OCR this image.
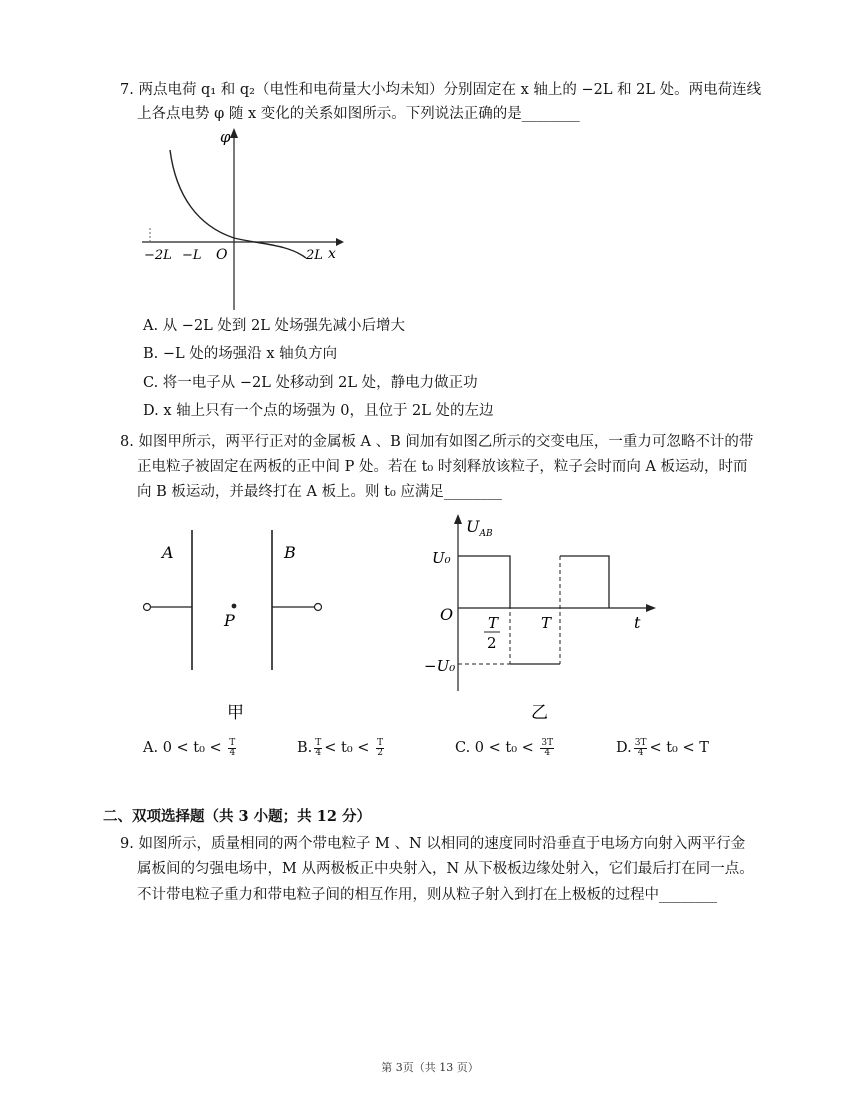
7. 两点电荷 q₁ 和 q₂（电性和电荷量大小均未知）分别固定在 x 轴上的 −2L 和 2L 处。两电荷连线
上各点电势 φ 随 x 变化的关系如图所示。下列说法正确的是________
φ
x
O
−2L −L	2L
A. 从 −2L 处到 2L 处场强先减小后增大
B. −L 处的场强沿 x 轴负方向
C. 将一电子从 −2L 处移动到 2L 处，静电力做正功
D. x 轴上只有一个点的场强为 0，且位于 2L 处的左边
8. 如图甲所示，两平行正对的金属板 A 、B 间加有如图乙所示的交变电压，一重力可忽略不计的带
正电粒子被固定在两板的正中间 P 处。若在 t₀ 时刻释放该粒子，粒子会时而向 A 板运动，时而
向 B 板运动，并最终打在 A 板上。则 t₀ 应满足________
A	B
P
甲
$U_{AB}$
U₀
−U₀
O T
2
T	t
乙
A. $0 < t_0 < \frac{T}{4}$	B. $\frac{T}{4} < t_0 < \frac{T}{2}$	C. $0 < t_0 < \frac{3T}{4}$	D. $\frac{3T}{4} < t_0 < T$
二、双项选择题（共 3 小题；共 12 分）
9. 如图所示，质量相同的两个带电粒子 M 、N 以相同的速度同时沿垂直于电场方向射入两平行金
属板间的匀强电场中，M 从两极板正中央射入，N 从下极板边缘处射入，它们最后打在同一点。
不计带电粒子重力和带电粒子间的相互作用，则从粒子射入到打在上极板的过程中________
第 3页（共 13 页）
